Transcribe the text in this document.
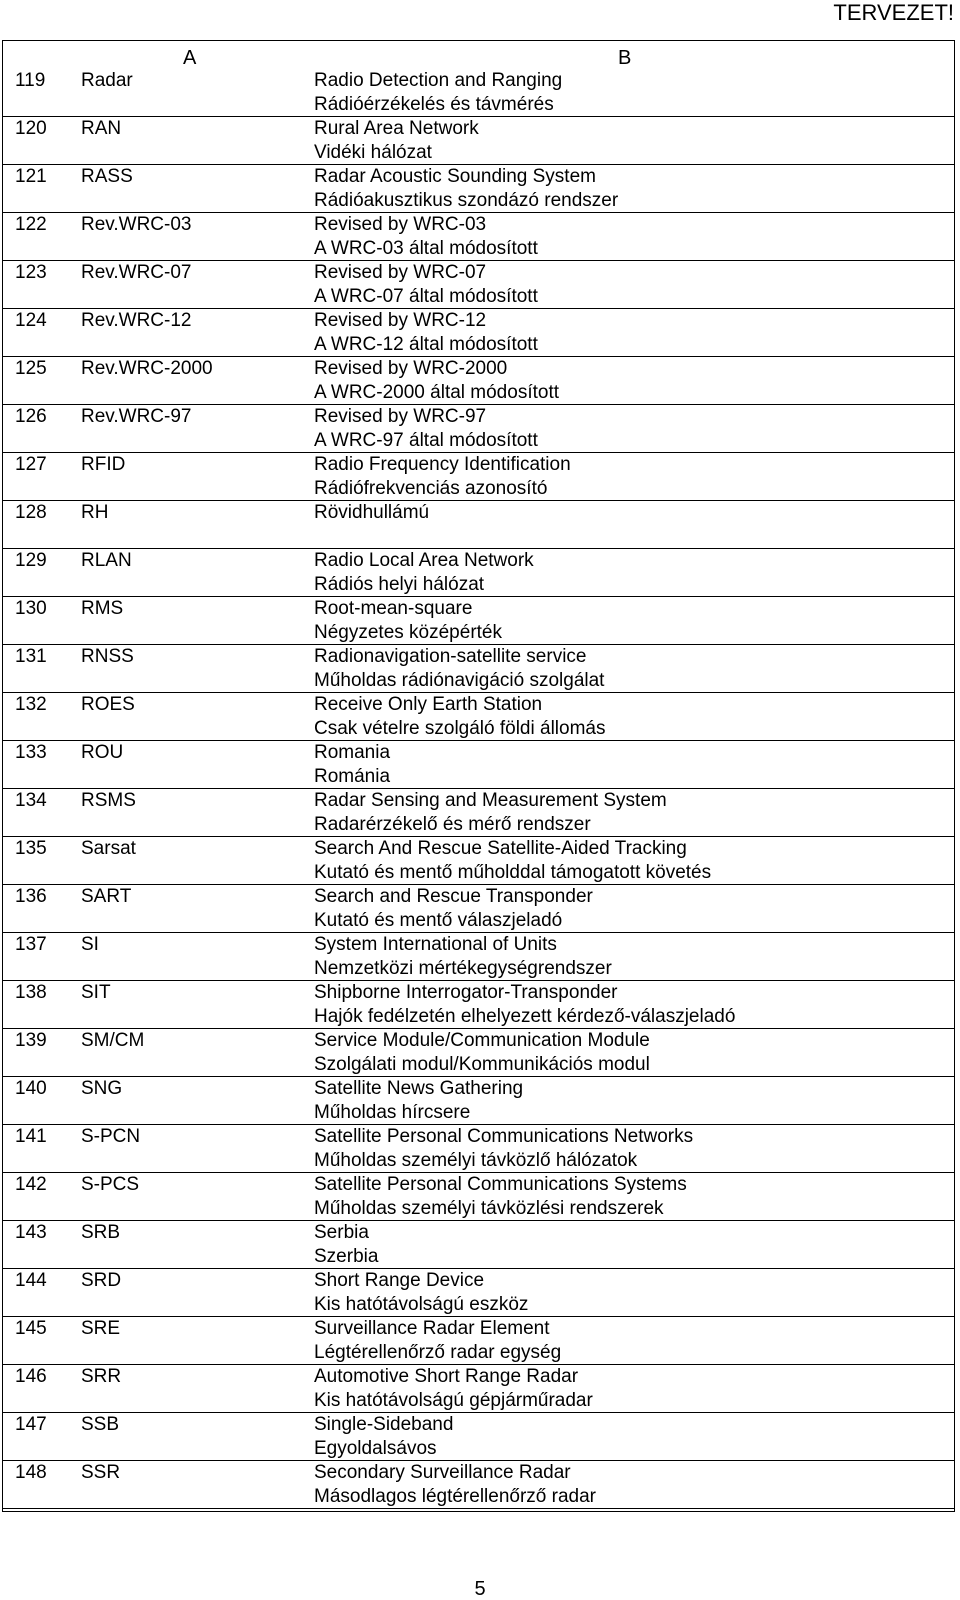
TERVEZET!
A	B
119 Radar	Radio Detection and Ranging
Rádióérzékelés és távmérés
120 RAN	Rural Area Network
Vidéki hálózat
121 RASS	Radar Acoustic Sounding System
Rádióakusztikus szondázó rendszer
122 Rev.WRC-03	Revised by WRC-03
A WRC-03 által módosított
123 Rev.WRC-07	Revised by WRC-07
A WRC-07 által módosított
124 Rev.WRC-12	Revised by WRC-12
A WRC-12 által módosított
125 Rev.WRC-2000	Revised by WRC-2000
A WRC-2000 által módosított
126 Rev.WRC-97	Revised by WRC-97
A WRC-97 által módosított
127 RFID	Radio Frequency Identification
Rádiófrekvenciás azonosító
128 RH	Rövidhullámú
129 RLAN	Radio Local Area Network
Rádiós helyi hálózat
130 RMS	Root-mean-square
Négyzetes középérték
131 RNSS	Radionavigation-satellite service
Műholdas rádiónavigáció szolgálat
132 ROES	Receive Only Earth Station
Csak vételre szolgáló földi állomás
133 ROU	Romania
Románia
134 RSMS	Radar Sensing and Measurement System
Radarérzékelő és mérő rendszer
135 Sarsat	Search And Rescue Satellite-Aided Tracking
Kutató és mentő műholddal támogatott követés
136 SART	Search and Rescue Transponder
Kutató és mentő válaszjeladó
137 SI	System International of Units
Nemzetközi mértékegységrendszer
138 SIT	Shipborne Interrogator-Transponder
Hajók fedélzetén elhelyezett kérdező-válaszjeladó
139 SM/CM	Service Module/Communication Module
Szolgálati modul/Kommunikációs modul
140 SNG	Satellite News Gathering
Műholdas hírcsere
141 S-PCN	Satellite Personal Communications Networks
Műholdas személyi távközlő hálózatok
142 S-PCS	Satellite Personal Communications Systems
Műholdas személyi távközlési rendszerek
143 SRB	Serbia
Szerbia
144 SRD	Short Range Device
Kis hatótávolságú eszköz
145 SRE	Surveillance Radar Element
Légtérellenőrző radar egység
146 SRR	Automotive Short Range Radar
Kis hatótávolságú gépjárműradar
147 SSB	Single-Sideband
Egyoldalsávos
148 SSR	Secondary Surveillance Radar
Másodlagos légtérellenőrző radar
5
